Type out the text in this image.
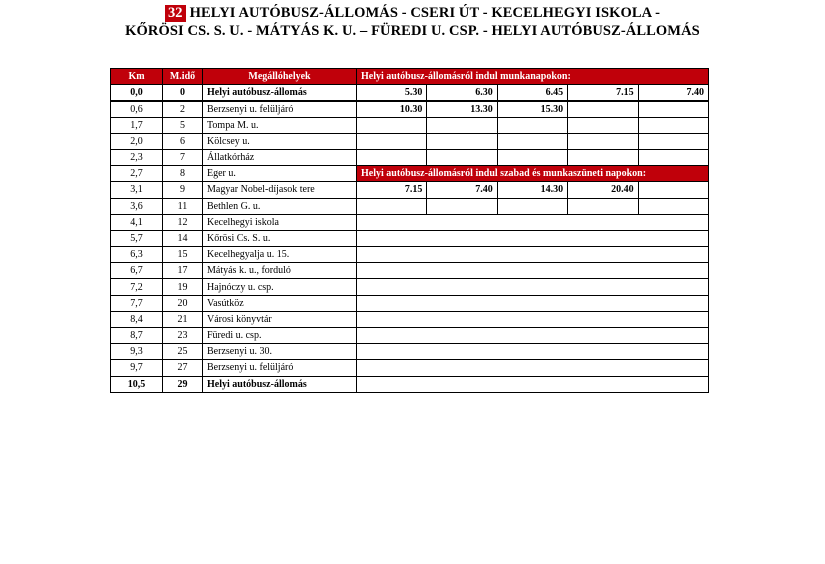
32 HELYI AUTÓBUSZ-ÁLLOMÁS - CSERI ÚT - KECELHEGYI ISKOLA -
KŐRÖSI CS. S. U. - MÁTYÁS K. U. – FÜREDI U. CSP. - HELYI AUTÓBUSZ-ÁLLOMÁS
Km	M.idő	Megállóhelyek	Helyi autóbusz-állomásról indul munkanapokon:				
0,0	0	Helyi autóbusz-állomás	5.30	6.30	6.45	7.15	7.40
0,6	2	Berzsenyi u. felüljáró	10.30	13.30	15.30		
1,7	5	Tompa M. u.					
2,0	6	Kölcsey u.					
2,3	7	Állatkórház					
2,7	8	Eger u.	Helyi autóbusz-állomásról indul szabad és munkaszüneti napokon:				
3,1	9	Magyar Nobel-díjasok tere	7.15	7.40	14.30	20.40	
3,6	11	Bethlen G. u.					
4,1	12	Kecelhegyi iskola					
5,7	14	Kőrösi Cs. S. u.					
6,3	15	Kecelhegyalja u. 15.					
6,7	17	Mátyás k. u., forduló					
7,2	19	Hajnóczy u. csp.					
7,7	20	Vasútköz					
8,4	21	Városi könyvtár					
8,7	23	Füredi u. csp.					
9,3	25	Berzsenyi u. 30.					
9,7	27	Berzsenyi u. felüljáró					
10,5	29	Helyi autóbusz-állomás					
